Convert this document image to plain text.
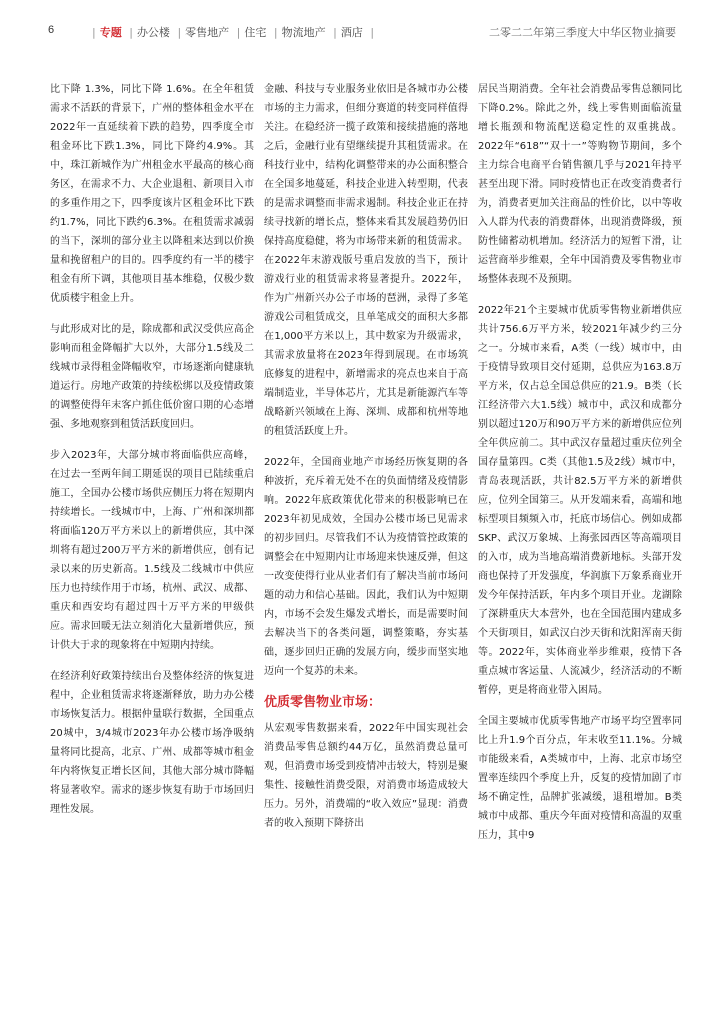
6	| 专题 | 办公楼 | 零售地产 | 住宅 | 物流地产 | 酒店 |	二零二二年第三季度大中华区物业摘要

比下降 1.3%，同比下降 1.6%。在全年租赁需求不活跃的背景下，广州的整体租金水平在2022年一直延续着下跌的趋势，四季度全市租金环比下跌1.3%，同比下降约4.9%。其中，珠江新城作为广州租金水平最高的核心商务区，在需求不力、大企业退租、新项目入市的多重作用之下，四季度该片区租金环比下跌约1.7%，同比下跌约6.3%。在租赁需求减弱的当下，深圳的部分业主以降租来达到以价换量和挽留租户的目的。四季度约有一半的楼宇租金有所下调，其他项目基本维稳，仅极少数优质楼宇租金上升。

与此形成对比的是，除成都和武汉受供应高企影响而租金降幅扩大以外，大部分1.5线及二线城市录得租金降幅收窄，市场逐渐向健康轨道运行。房地产政策的持续松绑以及疫情政策的调整使得年末客户抓住低价窗口期的心态增强、多地观察到租赁活跃度回归。

步入2023年，大部分城市将面临供应高峰，在过去一至两年间工期延误的项目已陆续重启施工，全国办公楼市场供应侧压力将在短期内持续增长。一线城市中，上海、广州和深圳都将面临120万平方米以上的新增供应，其中深圳将有超过200万平方米的新增供应，创有记录以来的历史新高。1.5线及二线城市中供应压力也持续作用于市场，杭州、武汉、成都、重庆和西安均有超过四十万平方米的甲级供应。需求回暖无法立刻消化大量新增供应，预计供大于求的现象将在中短期内持续。

在经济利好政策持续出台及整体经济的恢复进程中，企业租赁需求将逐渐释放，助力办公楼市场恢复活力。根据仲量联行数据，全国重点20城中，3/4城市2023年办公楼市场净吸纳量将同比提高，北京、广州、成都等城市租金年内将恢复正增长区间，其他大部分城市降幅将显著收窄。需求的逐步恢复有助于市场回归理性发展。

金融、科技与专业服务业依旧是各城市办公楼市场的主力需求，但细分赛道的转变同样值得关注。在稳经济一揽子政策和接续措施的落地之后，金融行业有望继续提升其租赁需求。在科技行业中，结构化调整带来的办公面积整合在全国多地蔓延，科技企业进入转型期，代表的是需求调整而非需求遏制。科技企业正在持续寻找新的增长点，整体来看其发展趋势仍旧保持高度稳健，将为市场带来新的租赁需求。在2022年末游戏版号重启发放的当下，预计游戏行业的租赁需求将显著提升。2022年，作为广州新兴办公子市场的琶洲，录得了多笔游戏公司租赁成交，且单笔成交的面积大多都在1,000平方米以上，其中数家为升级需求，其需求放量将在2023年得到展现。在市场筑底修复的进程中，新增需求的亮点也来自于高端制造业，半导体芯片，尤其是新能源汽车等战略新兴领域在上海、深圳、成都和杭州等地的租赁活跃度上升。

2022年，全国商业地产市场经历恢复期的各种波折，充斥着无处不在的负面情绪及疫情影响。2022年底政策优化带来的积极影响已在2023年初见成效，全国办公楼市场已见需求的初步回归。尽管我们不认为疫情管控政策的调整会在中短期内让市场迎来快速反弹，但这一改变使得行业从业者们有了解决当前市场问题的动力和信心基础。因此，我们认为中短期内，市场不会发生爆发式增长，而是需要时间去解决当下的各类问题，调整策略，夯实基础，逐步回归正确的发展方向，缓步而坚实地迈向一个复苏的未来。

优质零售物业市场：

从宏观零售数据来看，2022年中国实现社会消费品零售总额约44万亿，虽然消费总量可观，但消费市场受到疫情冲击较大，特别是聚集性、接触性消费受限，对消费市场造成较大压力。另外，消费端的“收入效应”显现：消费者的收入预期下降挤出

居民当期消费。全年社会消费品零售总额同比下降0.2%。除此之外，线上零售则面临流量增长瓶颈和物流配送稳定性的双重挑战。2022年“618”“双十一”等购物节期间，多个主力综合电商平台销售额几乎与2021年持平甚至出现下滑。同时疫情也正在改变消费者行为，消费者更加关注商品的性价比，以中等收入人群为代表的消费群体，出现消费降级，预防性储蓄动机增加。经济活力的短暂下滑，让运营商举步维艰，全年中国消费及零售物业市场整体表现不及预期。

2022年21个主要城市优质零售物业新增供应共计756.6万平方米，较2021年减少约三分之一。分城市来看，A类（一线）城市中，由于疫情导致项目交付延期，总供应为163.8万平方米，仅占总全国总供应的21.9。B类（长江经济带六大1.5线）城市中，武汉和成都分别以超过120万和90万平方米的新增供应位列全年供应前二。其中武汉存量超过重庆位列全国存量第四。C类（其他1.5及2线）城市中，青岛表现活跃，共计82.5万平方米的新增供应，位列全国第三。从开发端来看，高端和地标型项目频频入市，托底市场信心。例如成都SKP、武汉万象城、上海张园西区等高端项目的入市，成为当地高端消费新地标。头部开发商也保持了开发强度，华润旗下万象系商业开发今年保持活跃，年内多个项目开业。龙湖除了深耕重庆大本营外，也在全国范围内建成多个天街项目，如武汉白沙天街和沈阳浑南天街等。2022年，实体商业举步维艰，疫情下各重点城市客运量、人流减少，经济活动的不断暂停，更是将商业带入困局。

全国主要城市优质零售地产市场平均空置率同比上升1.9个百分点，年末收至11.1%。分城市能级来看，A类城市中，上海、北京市场空置率连续四个季度上升，反复的疫情加剧了市场不确定性，品牌扩张减缓，退租增加。B类城市中成都、重庆今年面对疫情和高温的双重压力，其中9
